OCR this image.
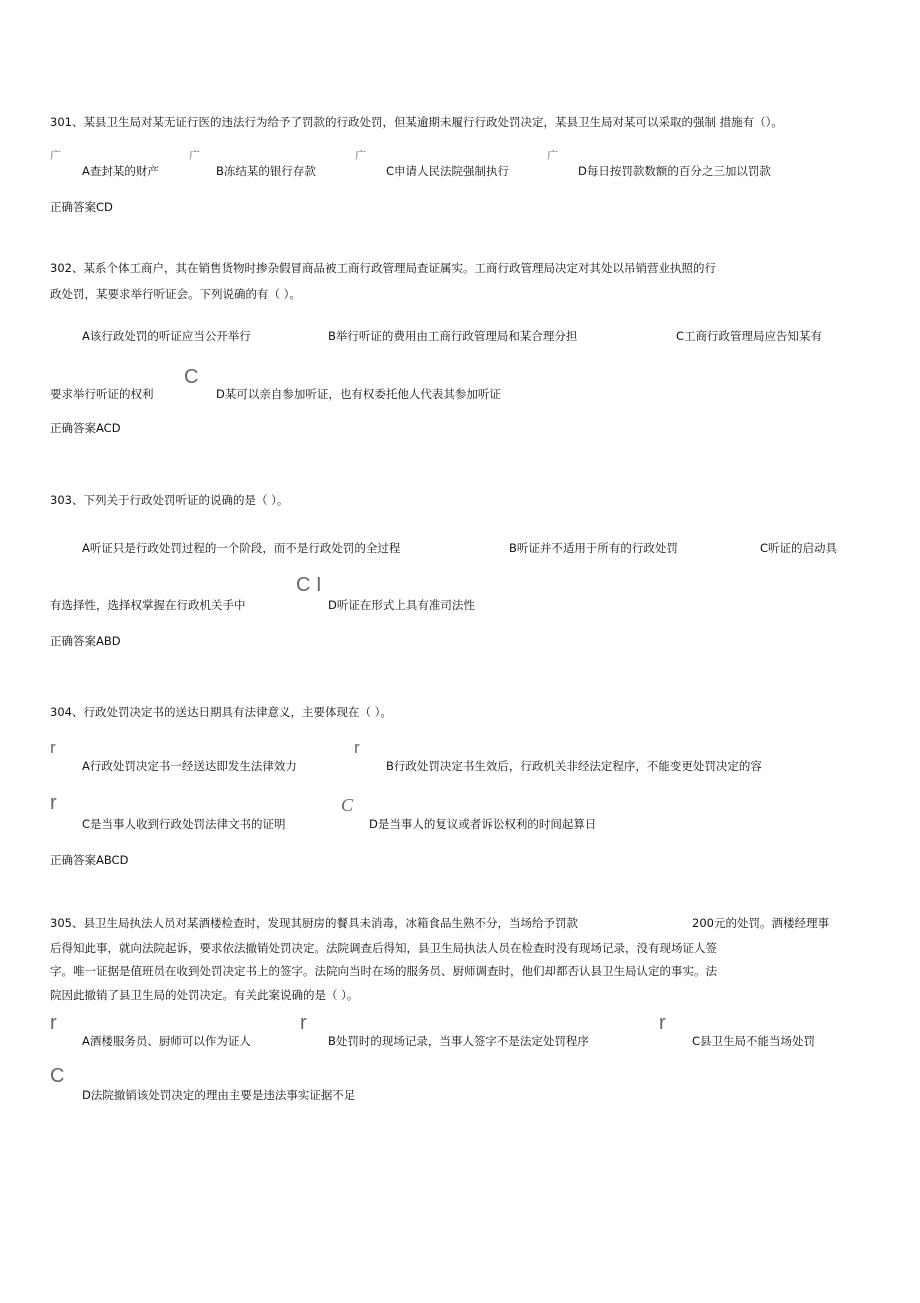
301、某县卫生局对某无证行医的违法行为给予了罚款的行政处罚，但某逾期未履行行政处罚决定，某县卫生局对某可以采取的强制 措施有（）。
广	广	广	广
A查封某的财产	B冻结某的银行存款	C申请人民法院强制执行	D每日按罚款数额的百分之三加以罚款
正确答案CD
302、某系个体工商户，其在销售货物时掺杂假冒商品被工商行政管理局查证属实。工商行政管理局决定对其处以吊销营业执照的行
政处罚，某要求举行听证会。下列说确的有（ ）。
A该行政处罚的听证应当公开举行	B举行听证的费用由工商行政管理局和某合理分担	C工商行政管理局应告知某有
C
要求举行听证的权利	D某可以亲自参加听证，也有权委托他人代表其参加听证
正确答案ACD
303、下列关于行政处罚听证的说确的是（ ）。
A听证只是行政处罚过程的一个阶段，而不是行政处罚的全过程	B听证并不适用于所有的行政处罚	C听证的启动具
C I
有选择性，选择权掌握在行政机关手中	D听证在形式上具有准司法性
正确答案ABD
304、行政处罚决定书的送达日期具有法律意义，主要体现在（ ）。
r	r
A行政处罚决定书一经送达即发生法律效力	B行政处罚决定书生效后，行政机关非经法定程序，不能变更处罚决定的容
r	C
C是当事人收到行政处罚法律文书的证明	D是当事人的复议或者诉讼权利的时间起算日
正确答案ABCD
305、县卫生局执法人员对某酒楼检查时，发现其厨房的餐具未消毒，冰箱食品生熟不分，当场给予罚款	200元的处罚。酒楼经理事
后得知此事，就向法院起诉，要求依法撤销处罚决定。法院调查后得知，县卫生局执法人员在检查时没有现场记录，没有现场证人签
字。唯一证据是值班员在收到处罚决定书上的签字。法院向当时在场的服务员、厨师调查时，他们却都否认县卫生局认定的事实。法
院因此撤销了县卫生局的处罚决定。有关此案说确的是（ ）。
r	r	r
A酒楼服务员、厨师可以作为证人	B处罚时的现场记录，当事人签字不是法定处罚程序	C县卫生局不能当场处罚
C
D法院撤销该处罚决定的理由主要是违法事实证据不足
